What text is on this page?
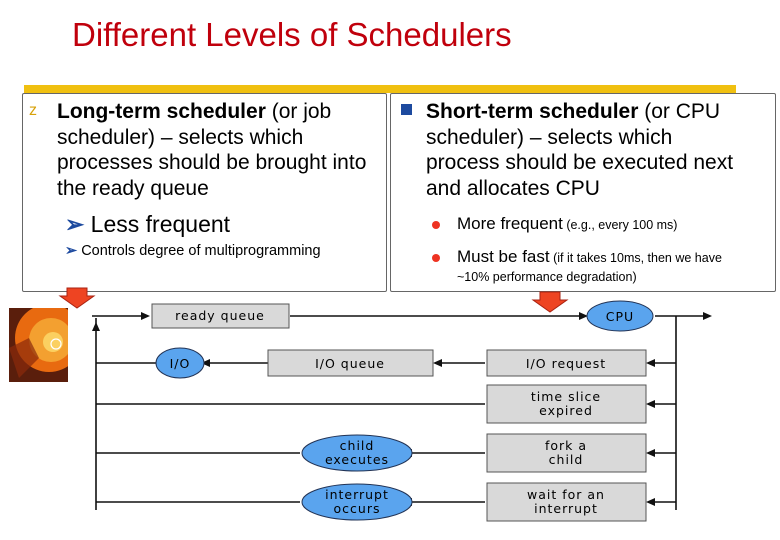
Different Levels of Schedulers
z Long-term scheduler (or job
scheduler) – selects which
processes should be brought into
the ready queue
➢ Less frequent
➢ Controls degree of multiprogramming
Short-term scheduler (or CPU
scheduler) – selects which
process should be executed next
and allocates CPU
More frequent (e.g., every 100 ms)
Must be fast (if it takes 10ms, then we have
~10% performance degradation)
ready queue	CPU
I/O	I/O queue	I/O request
time slice
expired
fork a
child
wait for an
interrupt
child
executes
interrupt
occurs
